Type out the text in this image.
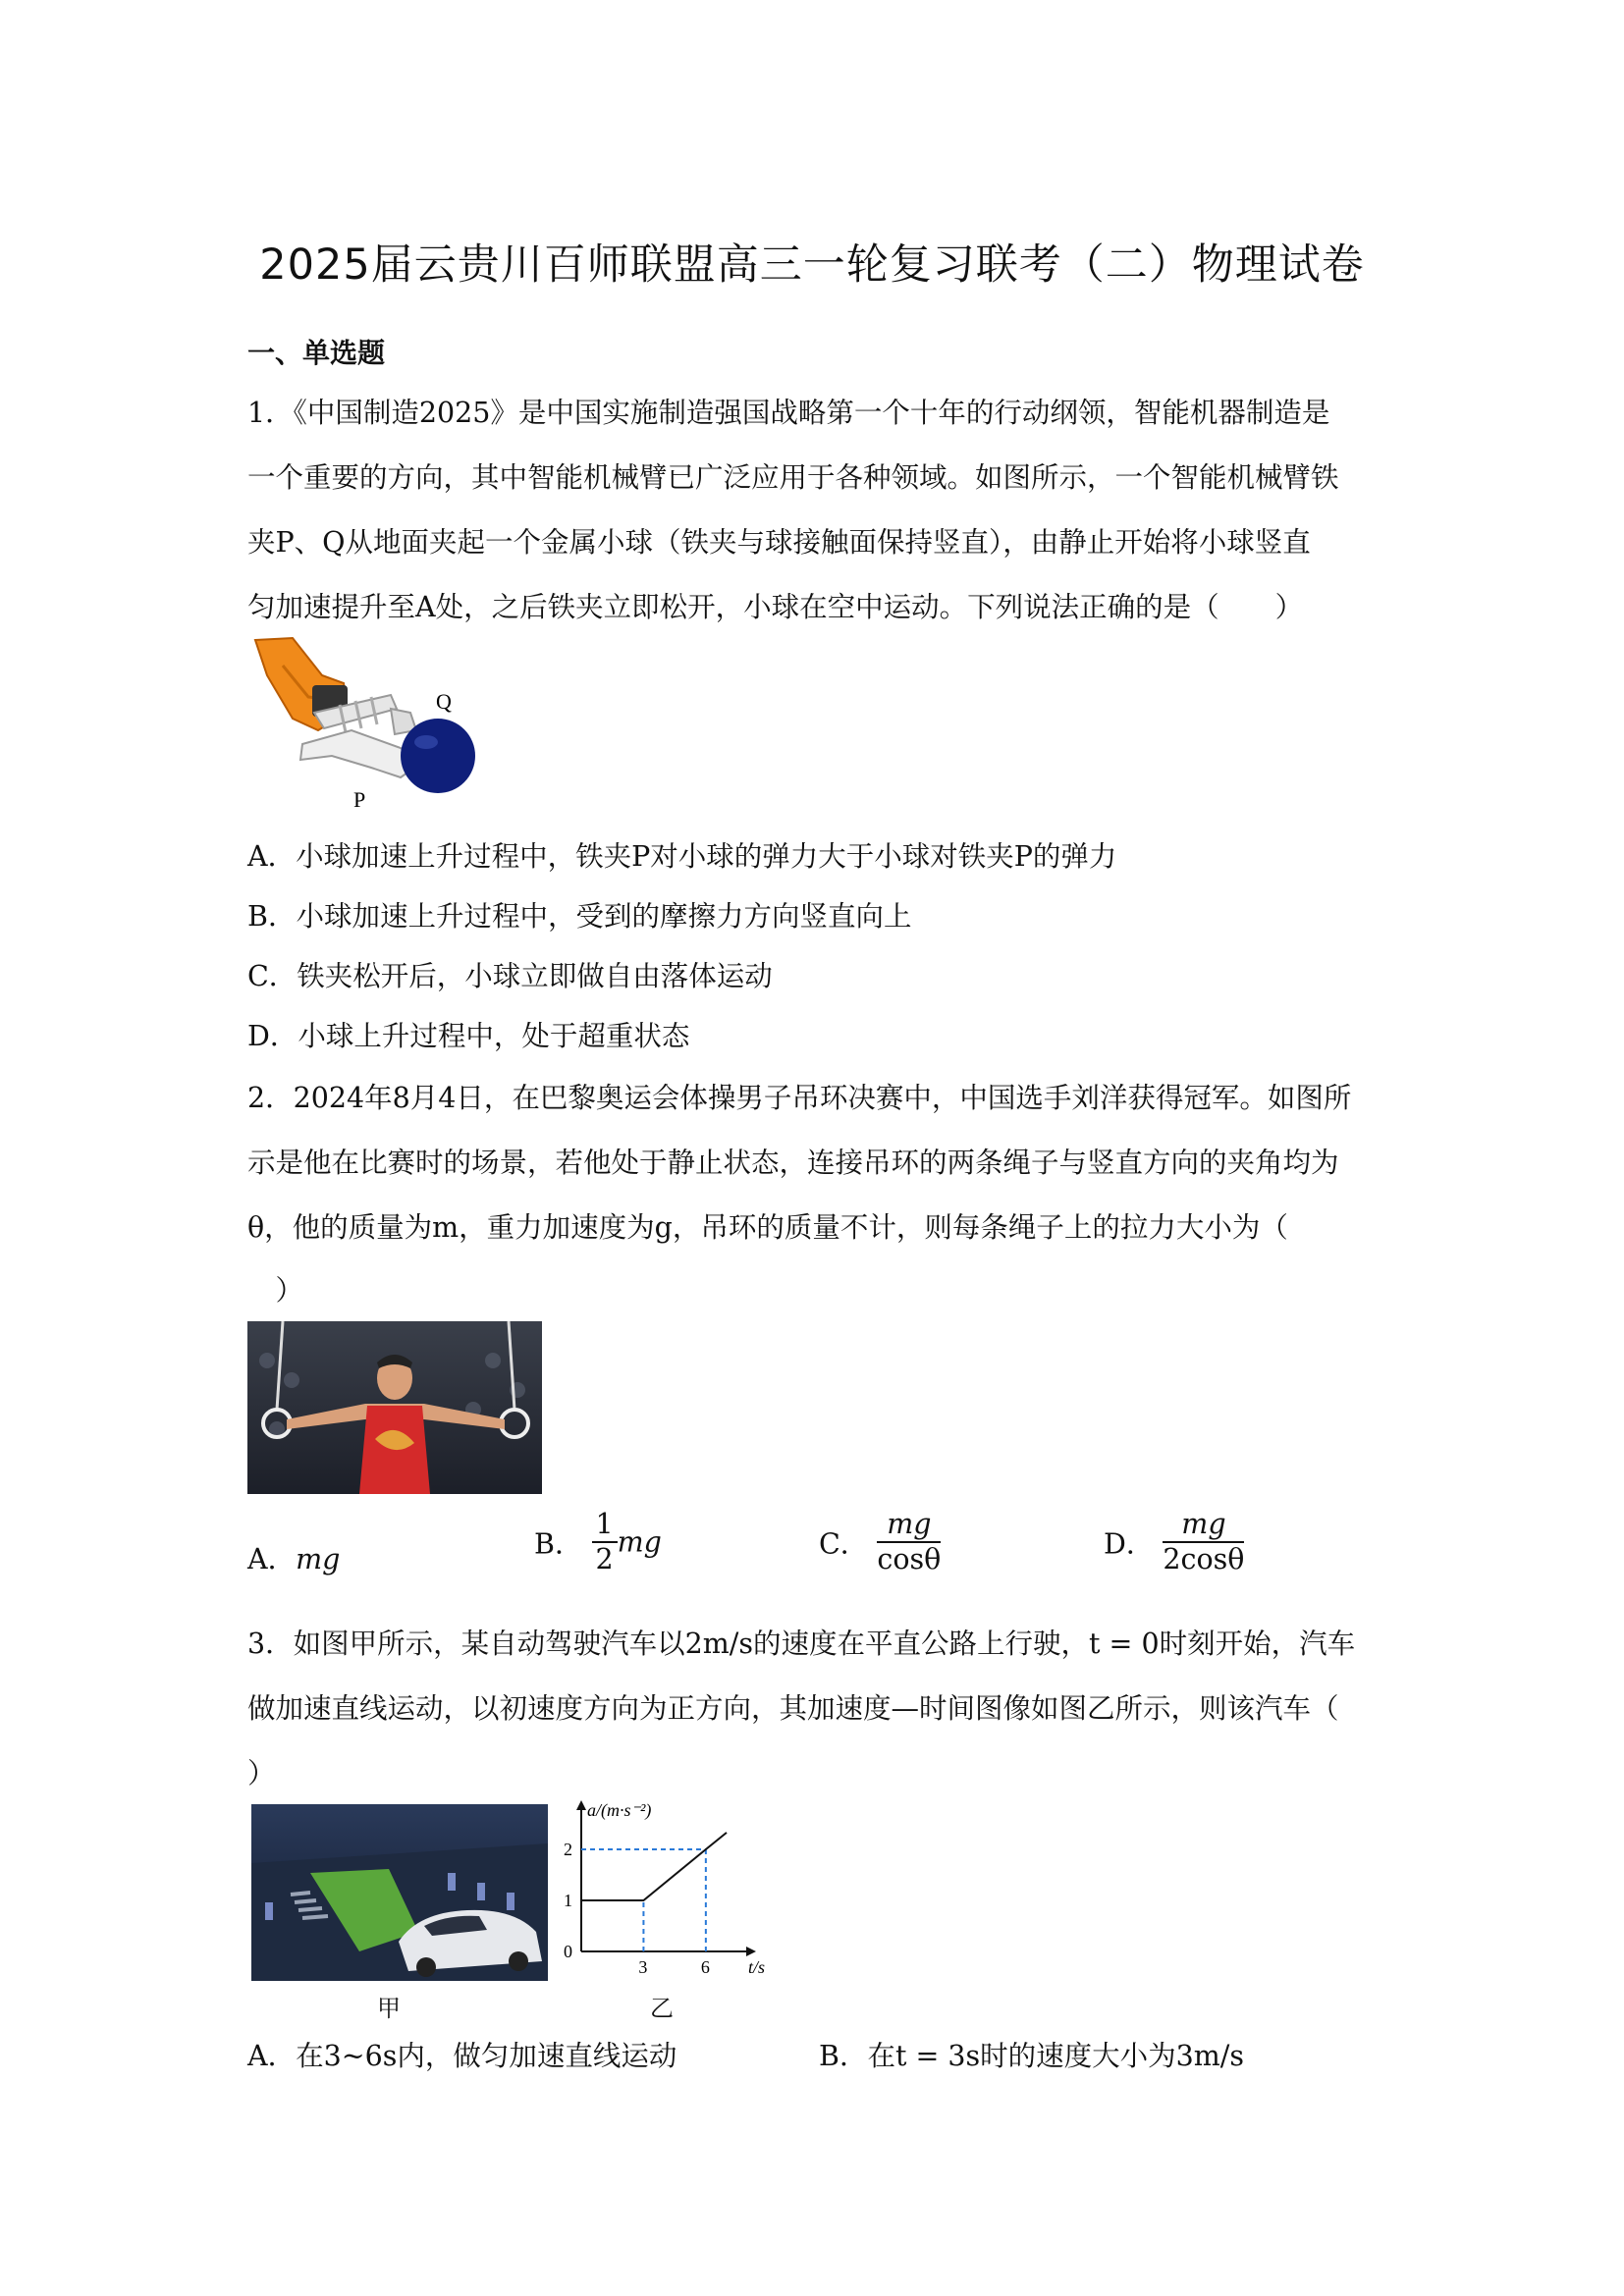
2025届云贵川百师联盟高三一轮复习联考（二）物理试卷
一、单选题
1．《中国制造2025》是中国实施制造强国战略第一个十年的行动纲领，智能机器制造是
一个重要的方向，其中智能机械臂已广泛应用于各种领域。如图所示，一个智能机械臂铁
夹P、Q从地面夹起一个金属小球（铁夹与球接触面保持竖直），由静止开始将小球竖直
匀加速提升至A处，之后铁夹立即松开，小球在空中运动。下列说法正确的是（　　）
Q
P
A．小球加速上升过程中，铁夹P对小球的弹力大于小球对铁夹P的弹力
B．小球加速上升过程中，受到的摩擦力方向竖直向上
C．铁夹松开后，小球立即做自由落体运动
D．小球上升过程中，处于超重状态
2．2024年8月4日，在巴黎奥运会体操男子吊环决赛中，中国选手刘洋获得冠军。如图所
示是他在比赛时的场景，若他处于静止状态，连接吊环的两条绳子与竖直方向的夹角均为
θ，他的质量为m，重力加速度为g，吊环的质量不计，则每条绳子上的拉力大小为（
　）
A．mg	B． $\frac{1}{2}$ mg	C． $\frac{mg}{\cos\theta}$	D． $\frac{mg}{2\cos\theta}$
3．如图甲所示，某自动驾驶汽车以2m/s的速度在平直公路上行驶，t = 0时刻开始，汽车
做加速直线运动，以初速度方向为正方向，其加速度—时间图像如图乙所示，则该汽车（
）
甲
a/(m·s⁻²)
t/s
0
1
2
3	6
乙
A．在3~6s内，做匀加速直线运动	B．在t = 3s时的速度大小为3m/s
